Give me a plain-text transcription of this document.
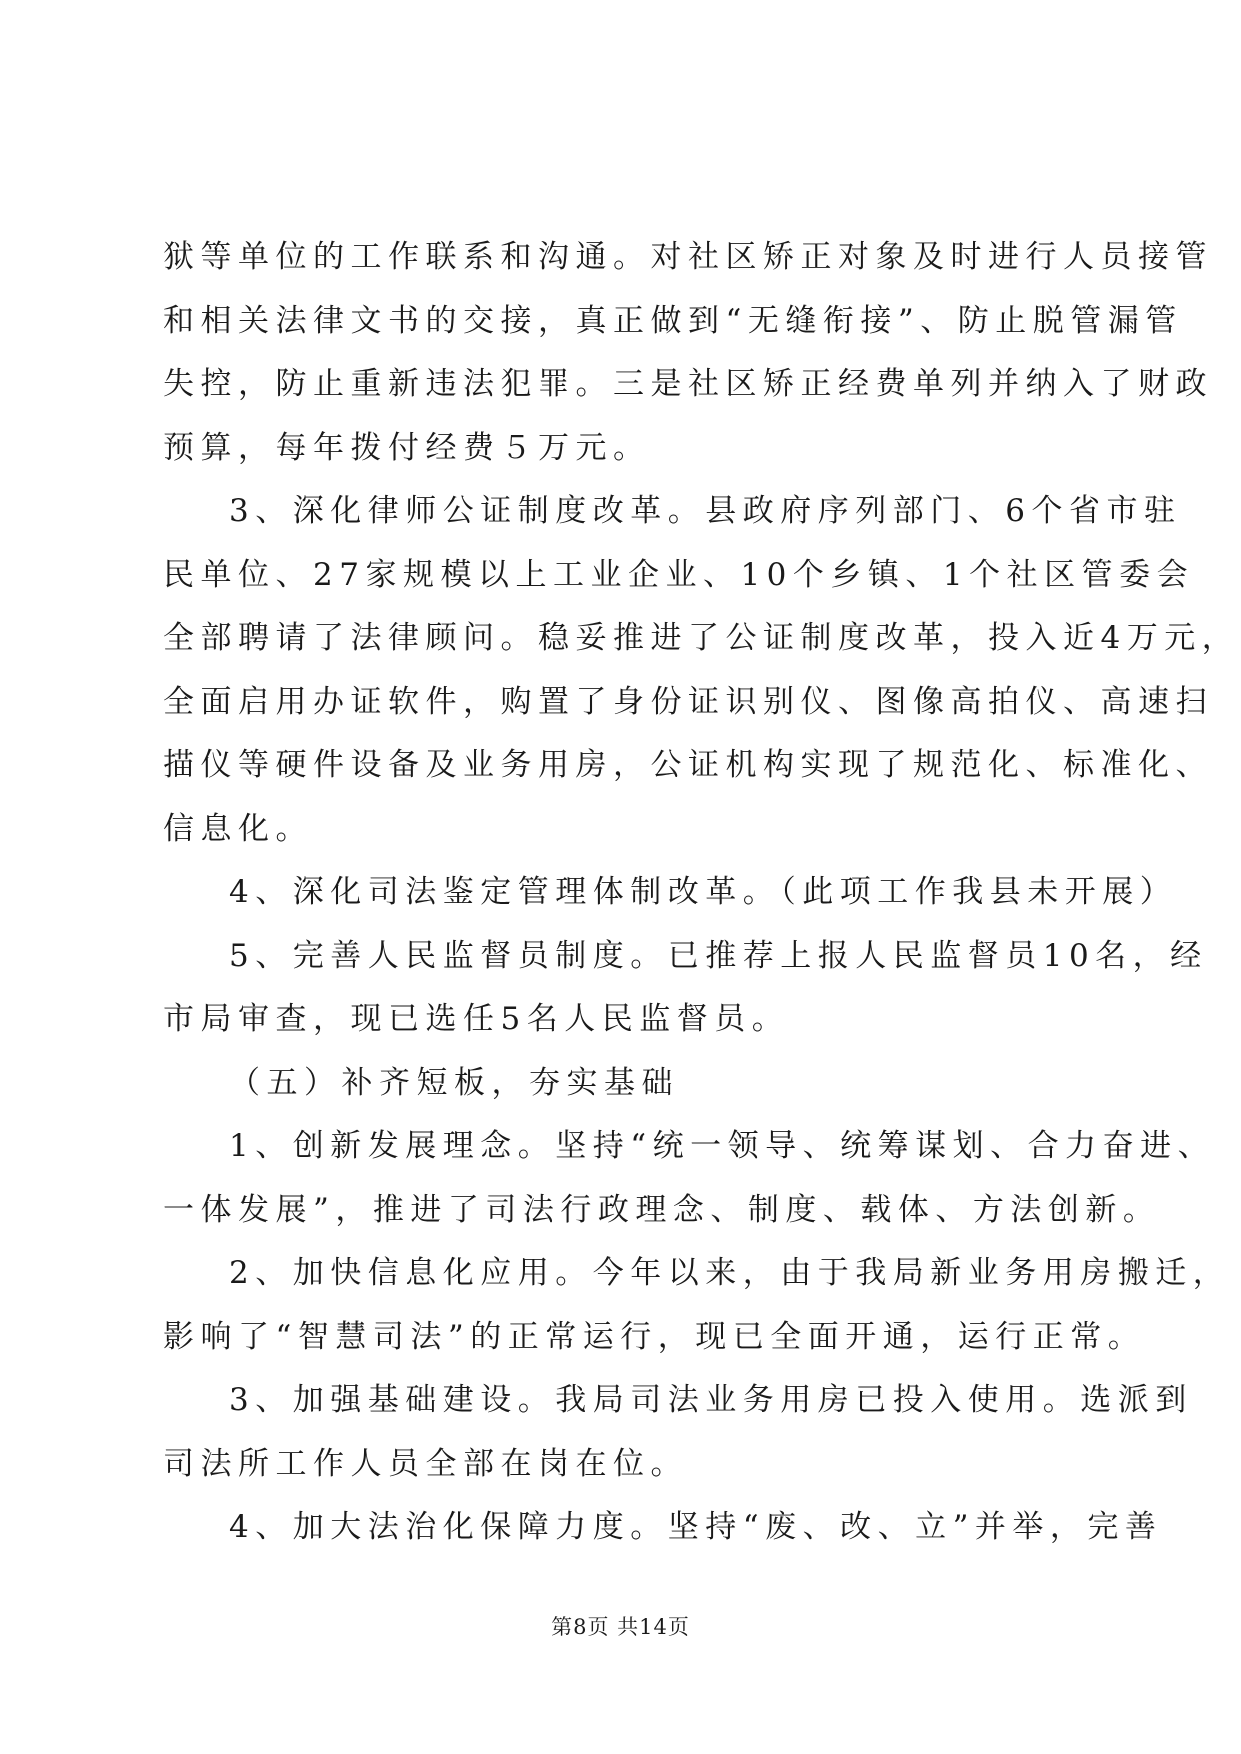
狱等单位的工作联系和沟通。对社区矫正对象及时进行人员接管
和相关法律文书的交接，真正做到“无缝衔接”、防止脱管漏管
失控，防止重新违法犯罪。三是社区矫正经费单列并纳入了财政
预算，每年拨付经费５万元。
3、深化律师公证制度改革。县政府序列部门、6个省市驻
民单位、27家规模以上工业企业、10个乡镇、1个社区管委会
全部聘请了法律顾问。稳妥推进了公证制度改革，投入近4万元，
全面启用办证软件，购置了身份证识别仪、图像高拍仪、高速扫
描仪等硬件设备及业务用房，公证机构实现了规范化、标准化、
信息化。
4、深化司法鉴定管理体制改革。（此项工作我县未开展）
5、完善人民监督员制度。已推荐上报人民监督员10名，经
市局审查，现已选任5名人民监督员。
（五）补齐短板，夯实基础
1、创新发展理念。坚持“统一领导、统筹谋划、合力奋进、
一体发展”，推进了司法行政理念、制度、载体、方法创新。
2、加快信息化应用。今年以来，由于我局新业务用房搬迁，
影响了“智慧司法”的正常运行，现已全面开通，运行正常。
3、加强基础建设。我局司法业务用房已投入使用。选派到
司法所工作人员全部在岗在位。
4、加大法治化保障力度。坚持“废、改、立”并举，完善
第8页 共14页
